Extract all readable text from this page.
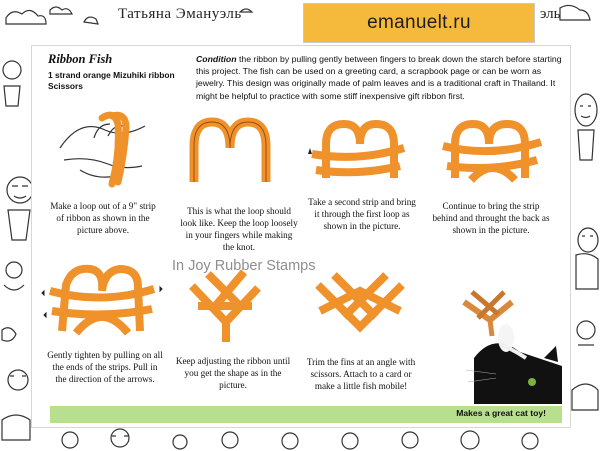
Татьяна Эмануэль	эль
emanuelt.ru
Ribbon Fish
1 strand orange Mizuhiki ribbon
Scissors
Condition the ribbon by pulling gently between fingers to break down the starch before starting this project. The fish can be used on a greeting card, a scrapbook page or can be worn as jewelry. This design was originally made of palm leaves and is a traditional craft in Thailand. It might be helpful to practice with some stiff inexpensive gift ribbon first.
Make a loop out of a 9" strip of ribbon as shown in the picture above.
This is what the loop should look like. Keep the loop loosely in your fingers while making the knot.
Take a second strip and bring it through the first loop as shown in the picture.
Continue to bring the strip behind and throught the back as shown in the picture.
In Joy Rubber Stamps
Gently tighten by pulling on all the ends of the strips. Pull in the direction of the arrows.
Keep adjusting the ribbon until you get the shape as in the picture.
Trim the fins at an angle with scissors. Attach to a card or make a little fish mobile!
Makes a great cat toy!
